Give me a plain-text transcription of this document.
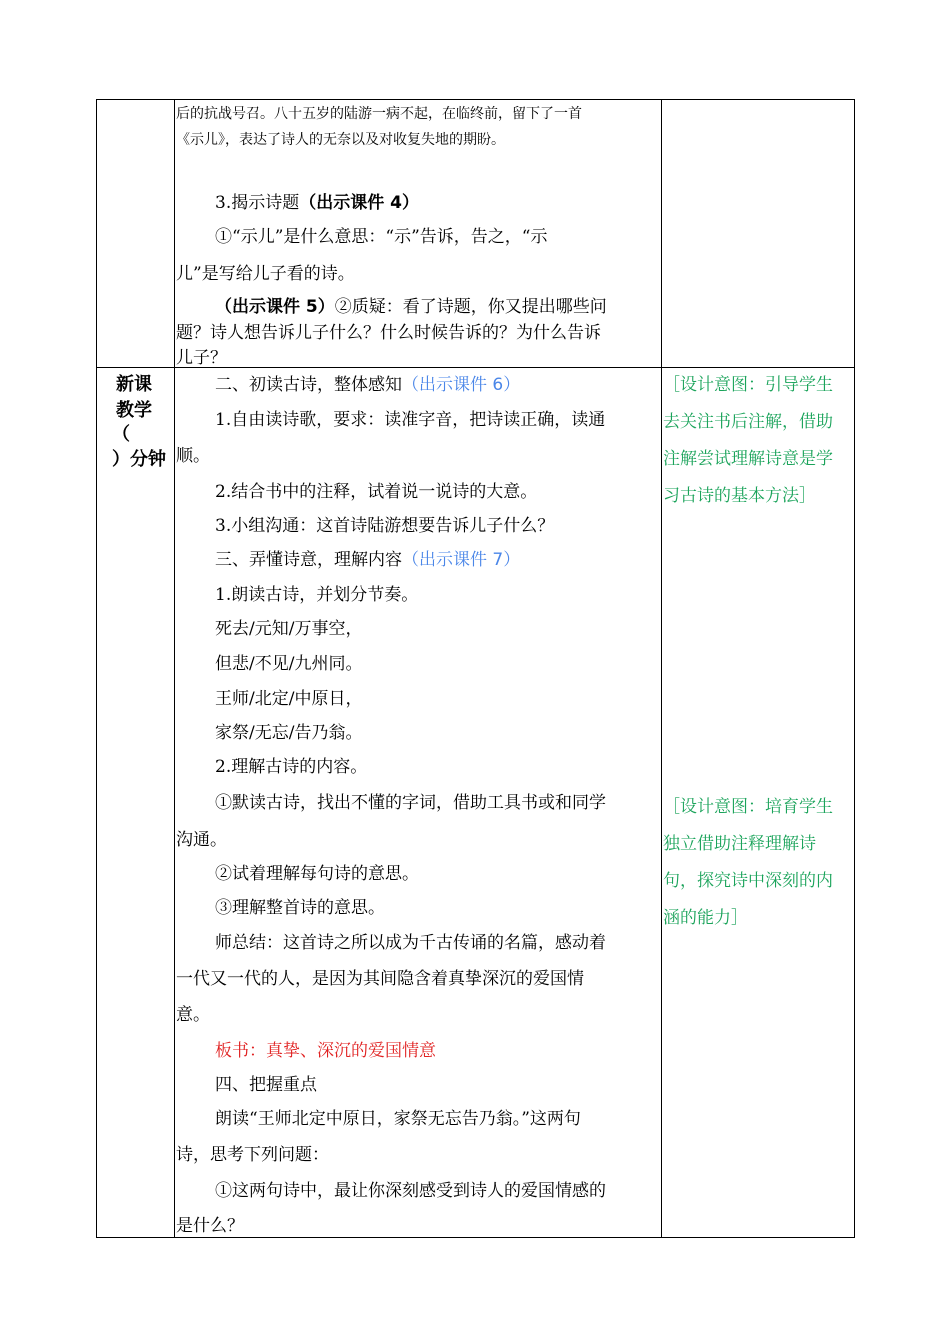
后的抗战号召。八十五岁的陆游一病不起，在临终前，留下了一首
《示儿》，表达了诗人的无奈以及对收复失地的期盼。
3.揭示诗题（出示课件 4）
①“示儿”是什么意思：“示”告诉，告之，“示
儿”是写给儿子看的诗。
（出示课件 5）②质疑：看了诗题，你又提出哪些问
题？诗人想告诉儿子什么？什么时候告诉的？为什么告诉
儿子？
新课
教学
（
）分钟
二、初读古诗，整体感知（出示课件 6）
1.自由读诗歌，要求：读准字音，把诗读正确，读通
顺。
2.结合书中的注释，试着说一说诗的大意。
3.小组沟通：这首诗陆游想要告诉儿子什么？
三、弄懂诗意，理解内容（出示课件 7）
1.朗读古诗，并划分节奏。
死去/元知/万事空，
但悲/不见/九州同。
王师/北定/中原日，
家祭/无忘/告乃翁。
2.理解古诗的内容。
①默读古诗，找出不懂的字词，借助工具书或和同学
沟通。
②试着理解每句诗的意思。
③理解整首诗的意思。
师总结：这首诗之所以成为千古传诵的名篇，感动着
一代又一代的人，是因为其间隐含着真挚深沉的爱国情
意。
板书：真挚、深沉的爱国情意
四、把握重点
朗读“王师北定中原日，家祭无忘告乃翁。”这两句
诗，思考下列问题：
①这两句诗中，最让你深刻感受到诗人的爱国情感的
是什么？
［设计意图：引导学生
去关注书后注解，借助
注解尝试理解诗意是学
习古诗的基本方法］
［设计意图：培育学生
独立借助注释理解诗
句，探究诗中深刻的内
涵的能力］
